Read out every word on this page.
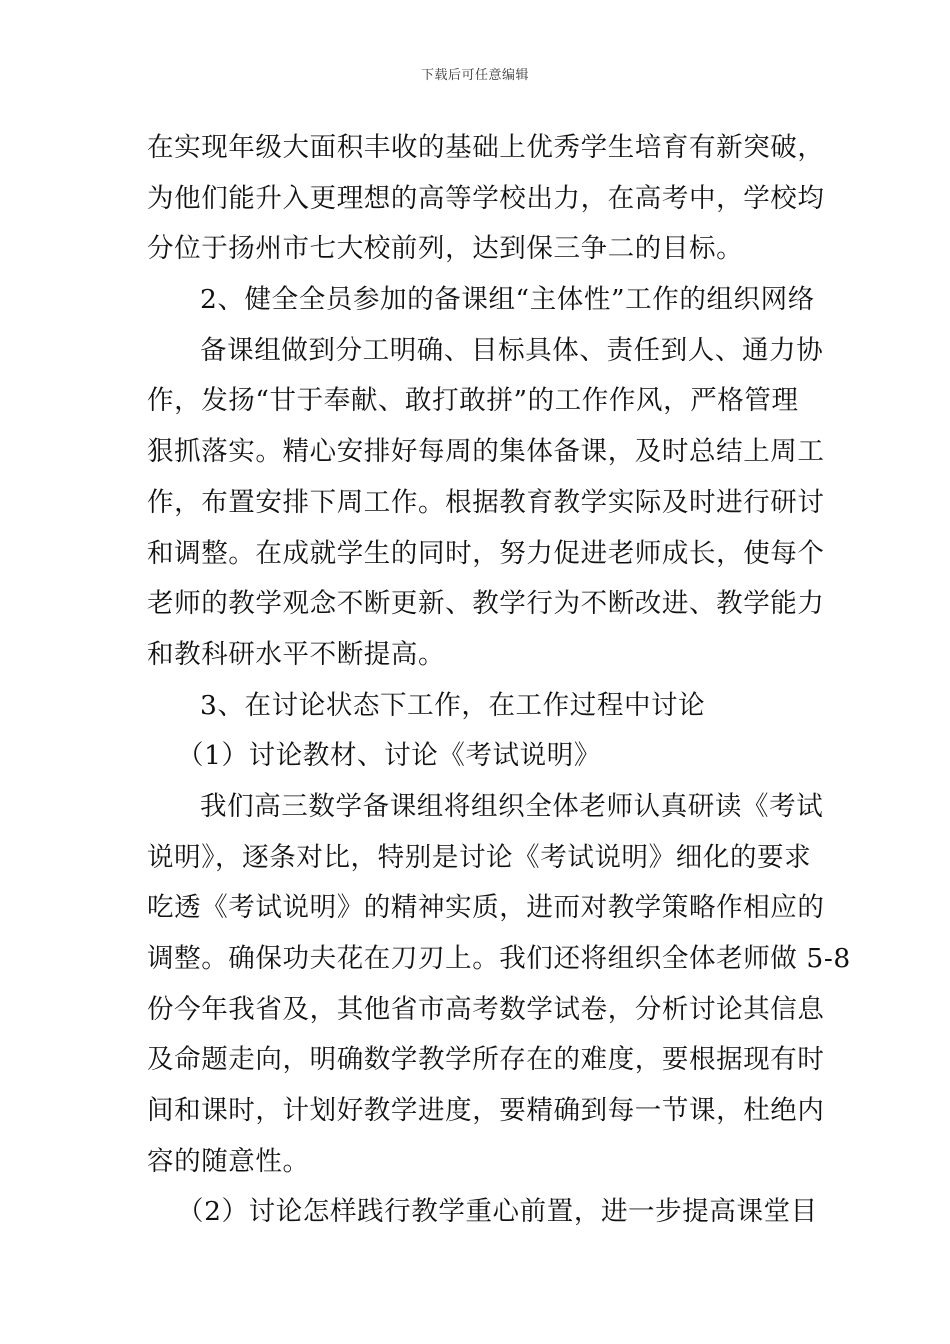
下载后可任意编辑
在实现年级大面积丰收的基础上优秀学生培育有新突破，
为他们能升入更理想的高等学校出力，在高考中，学校均
分位于扬州市七大校前列，达到保三争二的目标。
2、健全全员参加的备课组“主体性”工作的组织网络
备课组做到分工明确、目标具体、责任到人、通力协
作，发扬“甘于奉献、敢打敢拼”的工作作风，严格管理
狠抓落实。精心安排好每周的集体备课，及时总结上周工
作，布置安排下周工作。根据教育教学实际及时进行研讨
和调整。在成就学生的同时，努力促进老师成长，使每个
老师的教学观念不断更新、教学行为不断改进、教学能力
和教科研水平不断提高。
3、在讨论状态下工作，在工作过程中讨论
（1）讨论教材、讨论《考试说明》
我们高三数学备课组将组织全体老师认真研读《考试
说明》，逐条对比，特别是讨论《考试说明》细化的要求
吃透《考试说明》的精神实质，进而对教学策略作相应的
调整。确保功夫花在刀刃上。我们还将组织全体老师做 5-8
份今年我省及，其他省市高考数学试卷，分析讨论其信息
及命题走向，明确数学教学所存在的难度，要根据现有时
间和课时，计划好教学进度，要精确到每一节课，杜绝内
容的随意性。
（2）讨论怎样践行教学重心前置，进一步提高课堂目
